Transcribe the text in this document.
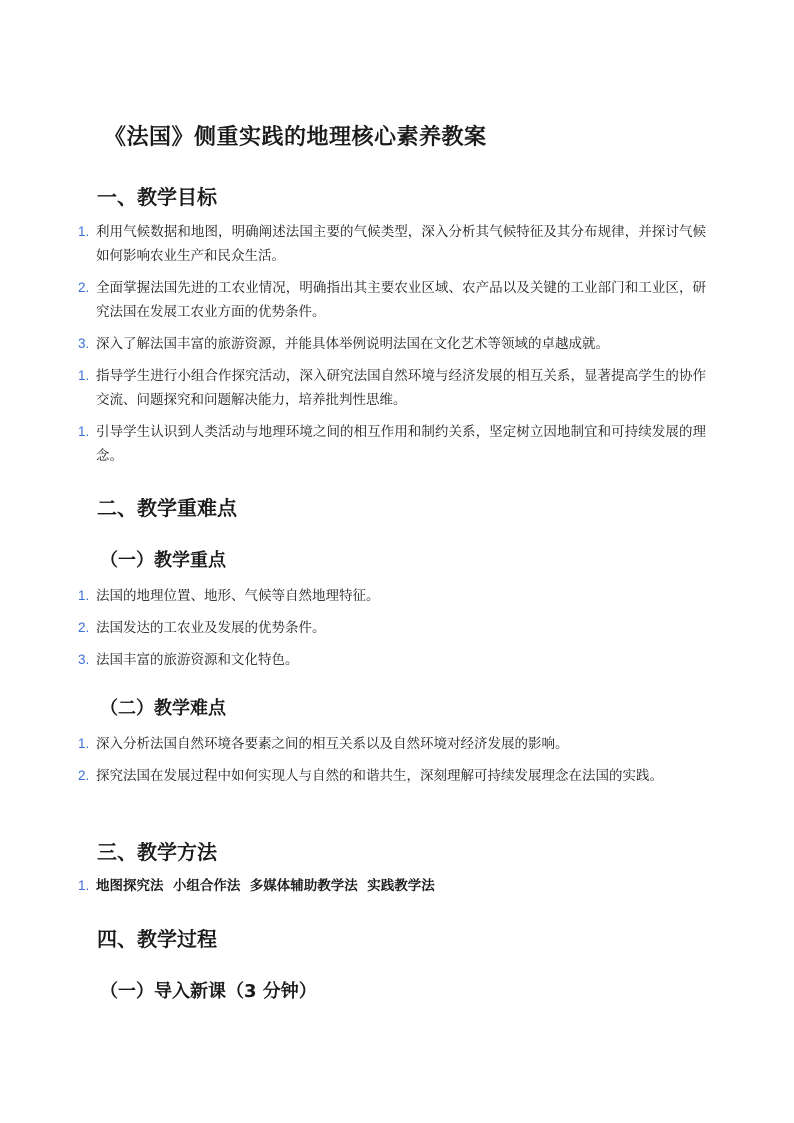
《法国》侧重实践的地理核心素养教案
一、教学目标
1. 利用气候数据和地图，明确阐述法国主要的气候类型，深入分析其气候特征及其分布规律，并探讨气候如何影响农业生产和民众生活。
2. 全面掌握法国先进的工农业情况，明确指出其主要农业区域、农产品以及关键的工业部门和工业区，研究法国在发展工农业方面的优势条件。
3. 深入了解法国丰富的旅游资源，并能具体举例说明法国在文化艺术等领域的卓越成就。
1. 指导学生进行小组合作探究活动，深入研究法国自然环境与经济发展的相互关系，显著提高学生的协作交流、问题探究和问题解决能力，培养批判性思维。
1. 引导学生认识到人类活动与地理环境之间的相互作用和制约关系，坚定树立因地制宜和可持续发展的理念。
二、教学重难点
（一）教学重点
1. 法国的地理位置、地形、气候等自然地理特征。
2. 法国发达的工农业及发展的优势条件。
3. 法国丰富的旅游资源和文化特色。
（二）教学难点
1. 深入分析法国自然环境各要素之间的相互关系以及自然环境对经济发展的影响。
2. 探究法国在发展过程中如何实现人与自然的和谐共生，深刻理解可持续发展理念在法国的实践。
三、教学方法
1. 地图探究法  小组合作法  多媒体辅助教学法  实践教学法
四、教学过程
（一）导入新课（3 分钟）
